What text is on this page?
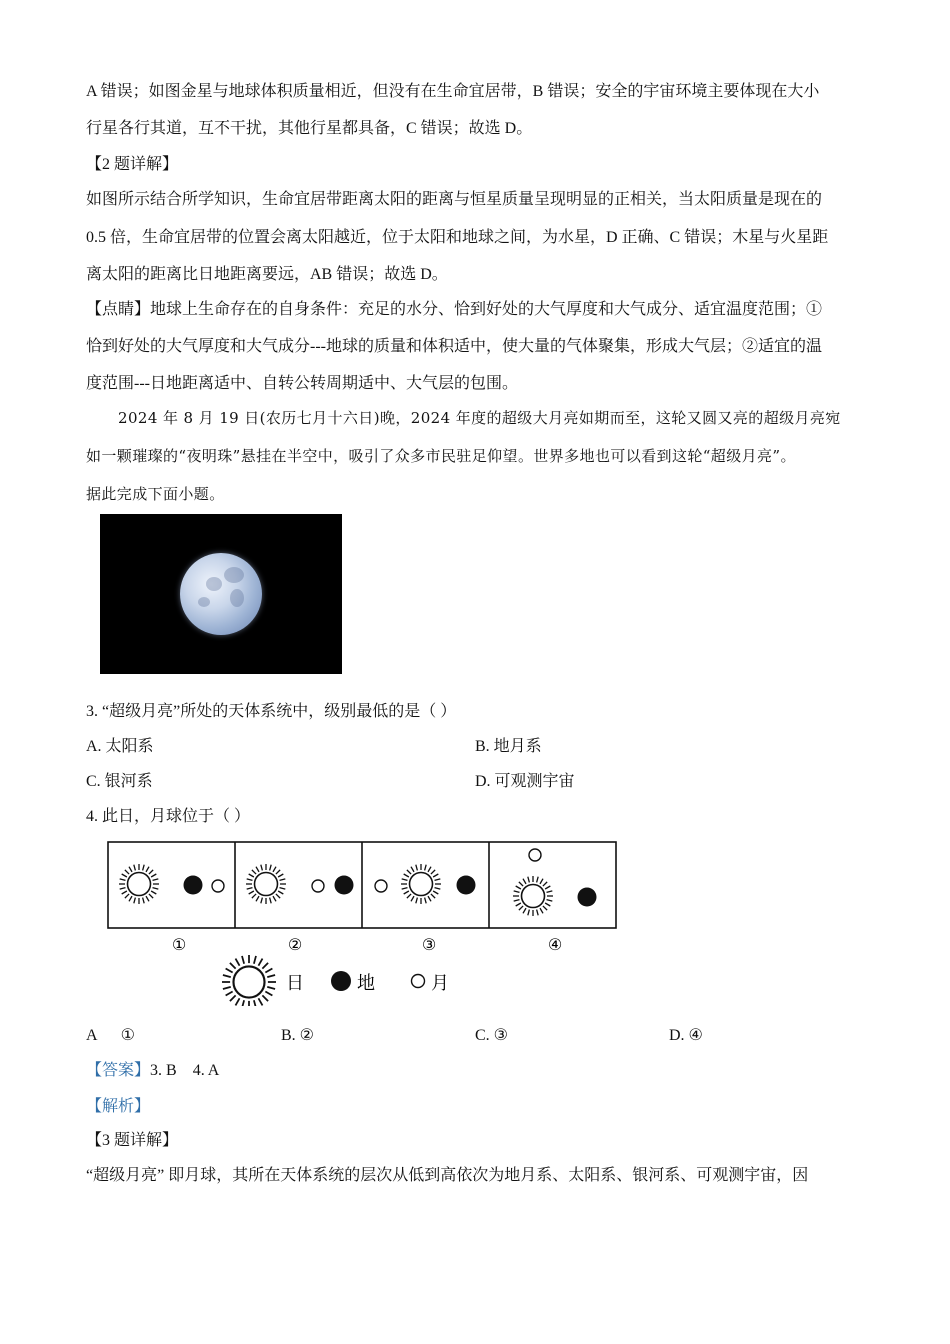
A 错误；如图金星与地球体积质量相近，但没有在生命宜居带，B 错误；安全的宇宙环境主要体现在大小
行星各行其道，互不干扰，其他行星都具备，C 错误；故选 D。
【2 题详解】
如图所示结合所学知识，生命宜居带距离太阳的距离与恒星质量呈现明显的正相关，当太阳质量是现在的
0.5 倍，生命宜居带的位置会离太阳越近，位于太阳和地球之间，为水星，D 正确、C 错误；木星与火星距
离太阳的距离比日地距离要远，AB 错误；故选 D。
【点睛】地球上生命存在的自身条件：充足的水分、恰到好处的大气厚度和大气成分、适宜温度范围；①
恰到好处的大气厚度和大气成分---地球的质量和体积适中，使大量的气体聚集，形成大气层；②适宜的温
度范围---日地距离适中、自转公转周期适中、大气层的包围。
2024 年 8 月 19 日(农历七月十六日)晚，2024 年度的超级大月亮如期而至，这轮又圆又亮的超级月亮宛
如一颗璀璨的“夜明珠”悬挂在半空中，吸引了众多市民驻足仰望。世界多地也可以看到这轮“超级月亮”。
据此完成下面小题。
3. “超级月亮”所处的天体系统中，级别最低的是（ ）
A. 太阳系	B. 地月系
C. 银河系	D. 可观测宇宙
4. 此日，月球位于（ ）
①	②	③	④
日	地	月
A      ①	B. ②	C. ③	D. ④
【答案】3. B    4. A
【解析】
【3 题详解】
“超级月亮” 即月球，其所在天体系统的层次从低到高依次为地月系、太阳系、银河系、可观测宇宙，因
